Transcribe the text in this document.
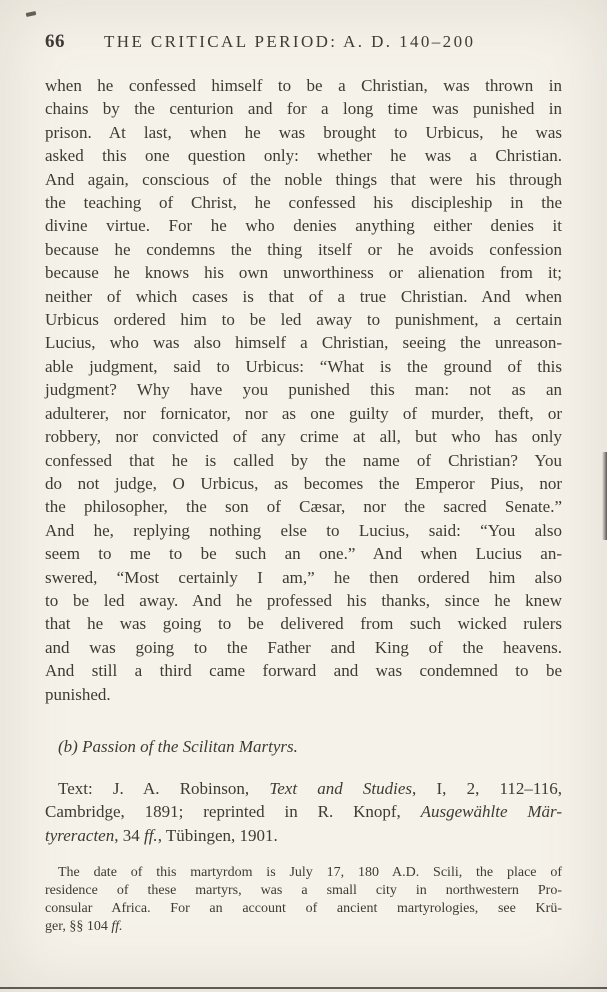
66 THE CRITICAL PERIOD: A. D. 140–200
when he confessed himself to be a Christian, was thrown in
chains by the centurion and for a long time was punished in
prison. At last, when he was brought to Urbicus, he was
asked this one question only: whether he was a Christian.
And again, conscious of the noble things that were his through
the teaching of Christ, he confessed his discipleship in the
divine virtue. For he who denies anything either denies it
because he condemns the thing itself or he avoids confession
because he knows his own unworthiness or alienation from it;
neither of which cases is that of a true Christian. And when
Urbicus ordered him to be led away to punishment, a certain
Lucius, who was also himself a Christian, seeing the unreason-
able judgment, said to Urbicus: “What is the ground of this
judgment? Why have you punished this man: not as an
adulterer, nor fornicator, nor as one guilty of murder, theft, or
robbery, nor convicted of any crime at all, but who has only
confessed that he is called by the name of Christian? You
do not judge, O Urbicus, as becomes the Emperor Pius, nor
the philosopher, the son of Cæsar, nor the sacred Senate.”
And he, replying nothing else to Lucius, said: “You also
seem to me to be such an one.” And when Lucius an-
swered, “Most certainly I am,” he then ordered him also
to be led away. And he professed his thanks, since he knew
that he was going to be delivered from such wicked rulers
and was going to the Father and King of the heavens.
And still a third came forward and was condemned to be
punished.
(b) Passion of the Scilitan Martyrs.
Text: J. A. Robinson, Text and Studies, I, 2, 112–116,
Cambridge, 1891; reprinted in R. Knopf, Ausgewählte Mär-
tyreracten, 34 ff., Tübingen, 1901.
The date of this martyrdom is July 17, 180 A.D. Scili, the place of
residence of these martyrs, was a small city in northwestern Pro-
consular Africa. For an account of ancient martyrologies, see Krü-
ger, §§ 104 ff.
